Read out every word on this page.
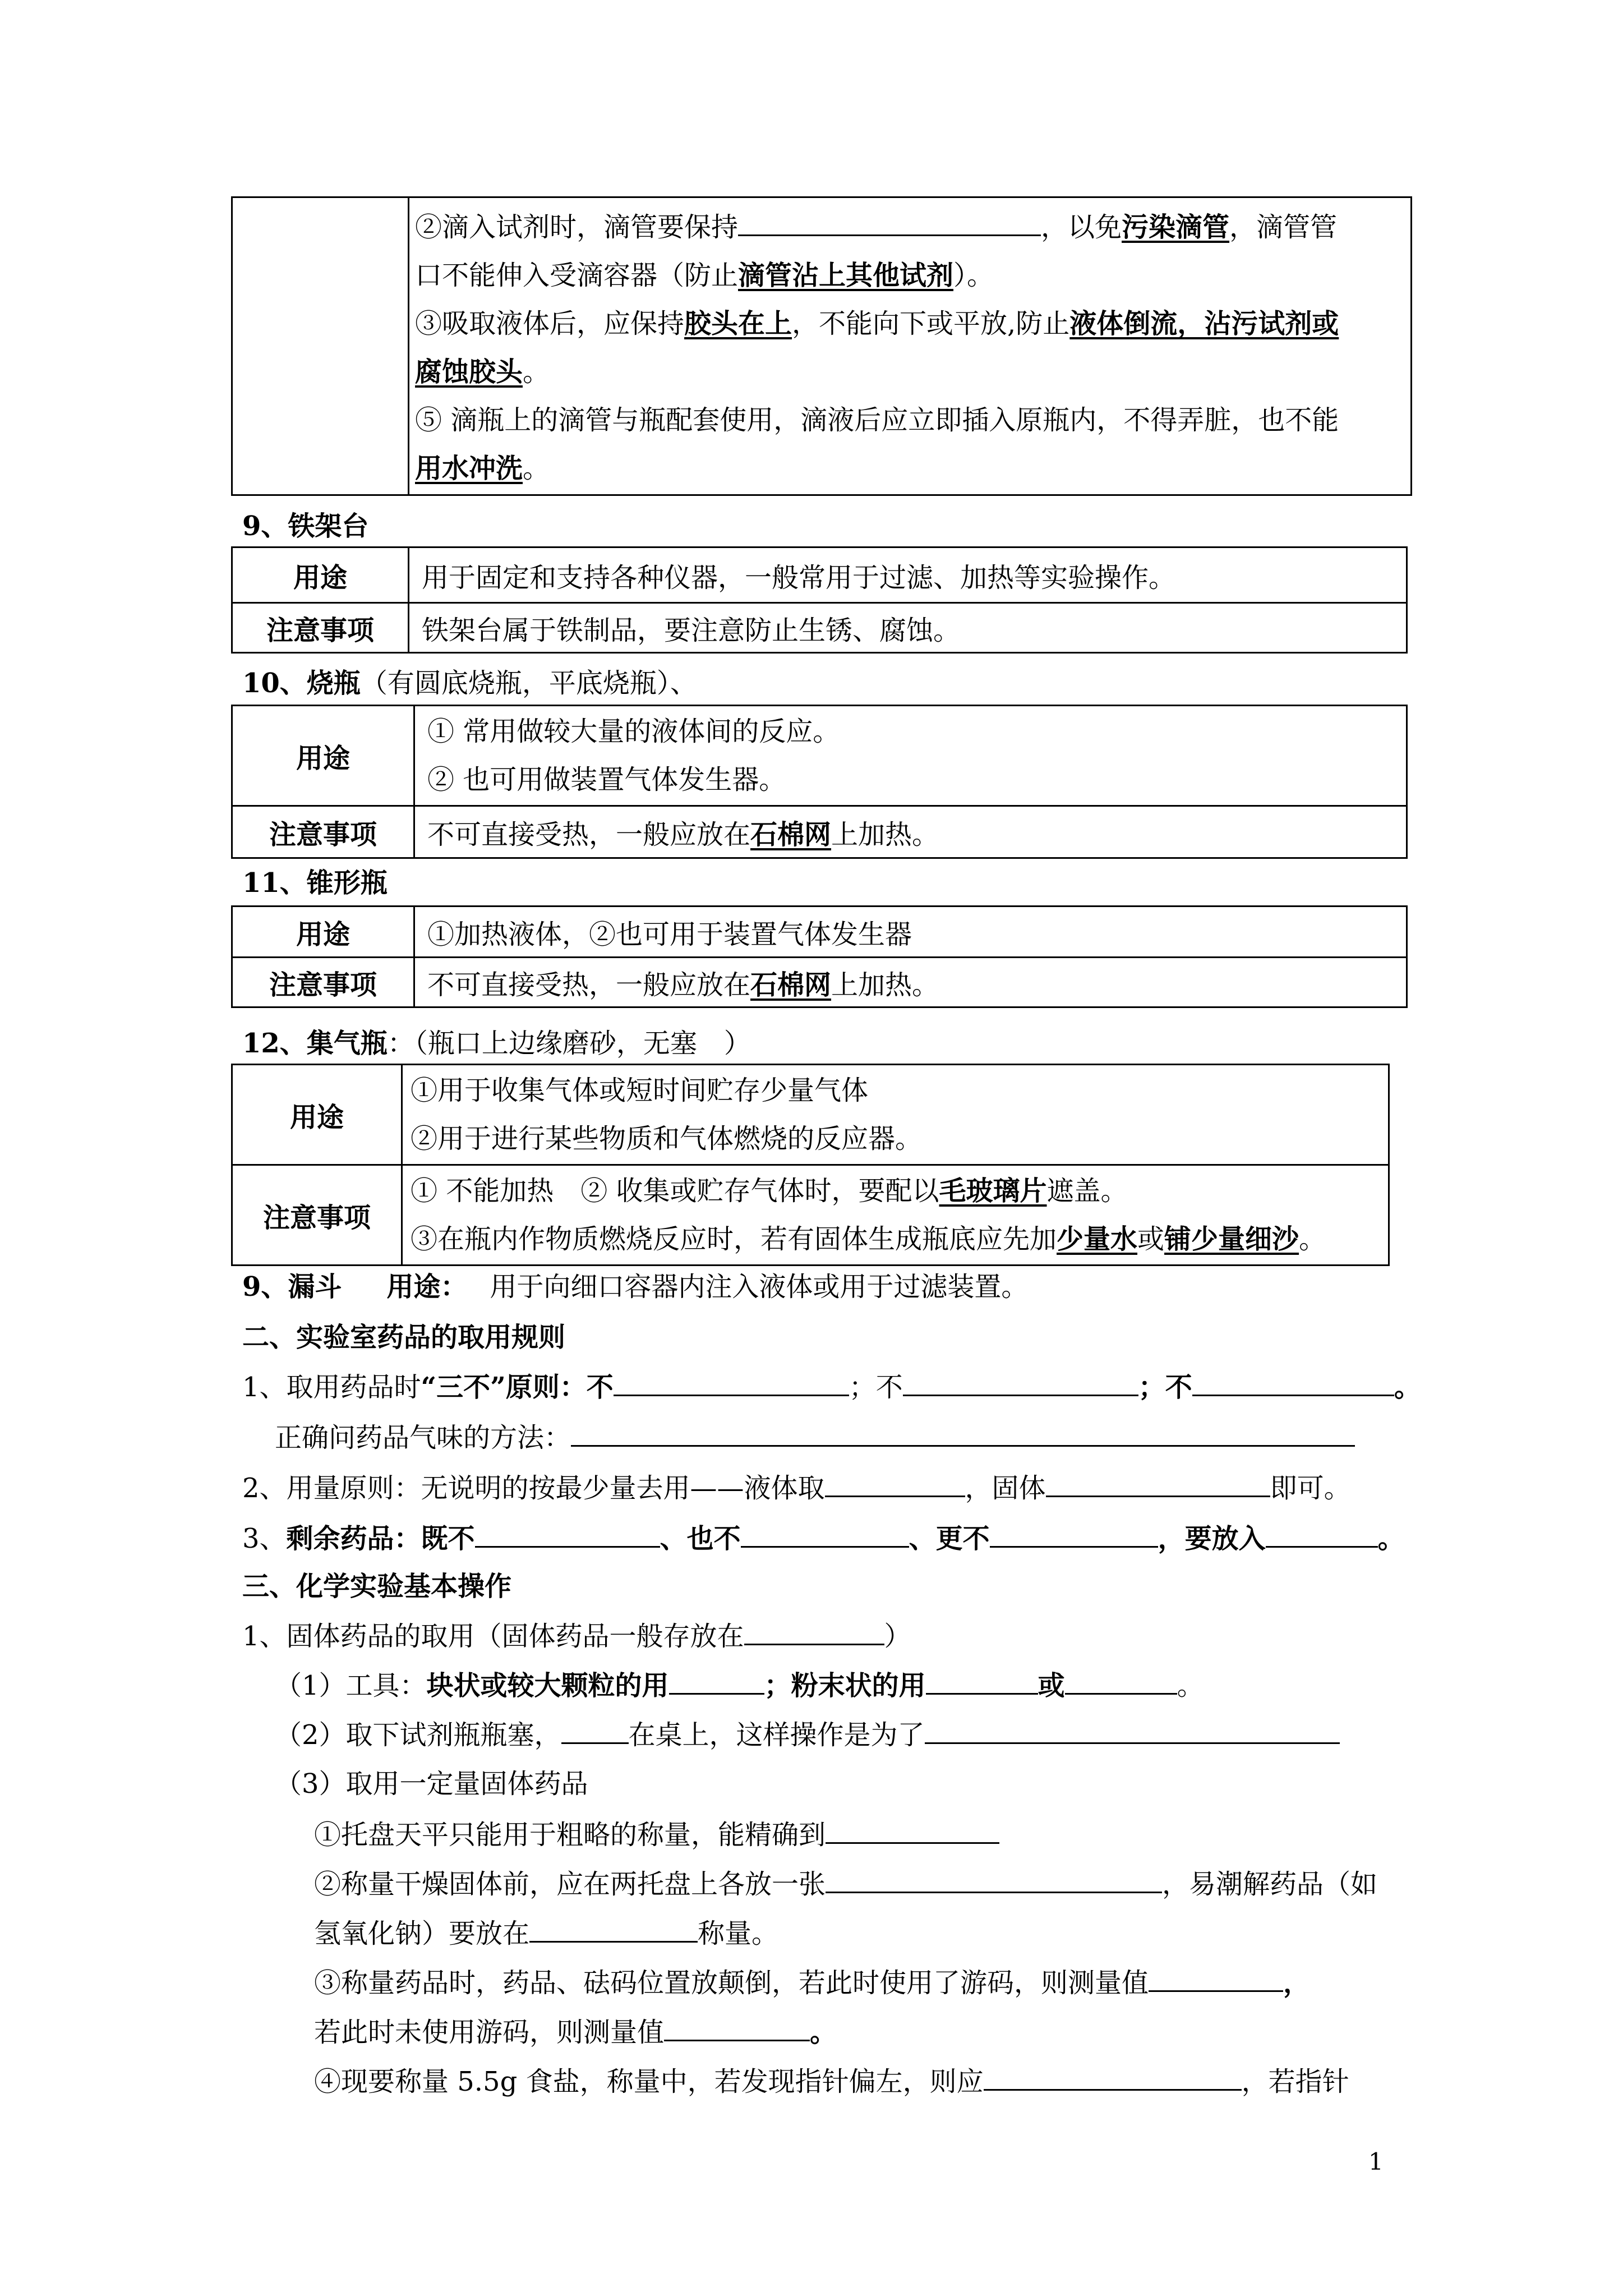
②滴入试剂时，滴管要保持	，以免污染滴管，滴管管
口不能伸入受滴容器（防止滴管沾上其他试剂）。
③吸取液体后，应保持胶头在上，不能向下或平放,防止液体倒流，沾污试剂或
腐蚀胶头。
⑤ 滴瓶上的滴管与瓶配套使用，滴液后应立即插入原瓶内，不得弄脏，也不能
用水冲洗。
9、铁架台
用途	用于固定和支持各种仪器，一般常用于过滤、加热等实验操作。
注意事项	铁架台属于铁制品，要注意防止生锈、腐蚀。
10、烧瓶（有圆底烧瓶，平底烧瓶）、
用途	① 常用做较大量的液体间的反应。
② 也可用做装置气体发生器。

注意事项	不可直接受热，一般应放在石棉网上加热。
11、锥形瓶
用途	①加热液体，②也可用于装置气体发生器
注意事项	不可直接受热，一般应放在石棉网上加热。
12、集气瓶：（瓶口上边缘磨砂，无塞　）
用途	①用于收集气体或短时间贮存少量气体
②用于进行某些物质和气体燃烧的反应器。

注意事项	① 不能加热　② 收集或贮存气体时，要配以毛玻璃片遮盖。
③在瓶内作物质燃烧反应时，若有固体生成瓶底应先加少量水或铺少量细沙。
9、漏斗 用途： 用于向细口容器内注入液体或用于过滤装置。
二、实验室药品的取用规则
1、取用药品时“三不”原则：不	；不	；不	。
正确问药品气味的方法：
2、用量原则：无说明的按最少量去用——液体取	，固体	即可。
3、剩余药品：既不	、也不	、更不	，要放入	。
三、化学实验基本操作
1、固体药品的取用（固体药品一般存放在	）
（1）工具：块状或较大颗粒的用	；粉末状的用	或	。
（2）取下试剂瓶瓶塞，	在桌上，这样操作是为了
（3）取用一定量固体药品
①托盘天平只能用于粗略的称量，能精确到
②称量干燥固体前，应在两托盘上各放一张	，易潮解药品（如
氢氧化钠）要放在	称量。
③称量药品时，药品、砝码位置放颠倒，若此时使用了游码，则测量值	，
若此时未使用游码，则测量值	。
④现要称量 5.5g 食盐，称量中，若发现指针偏左，则应	，若指针
1
